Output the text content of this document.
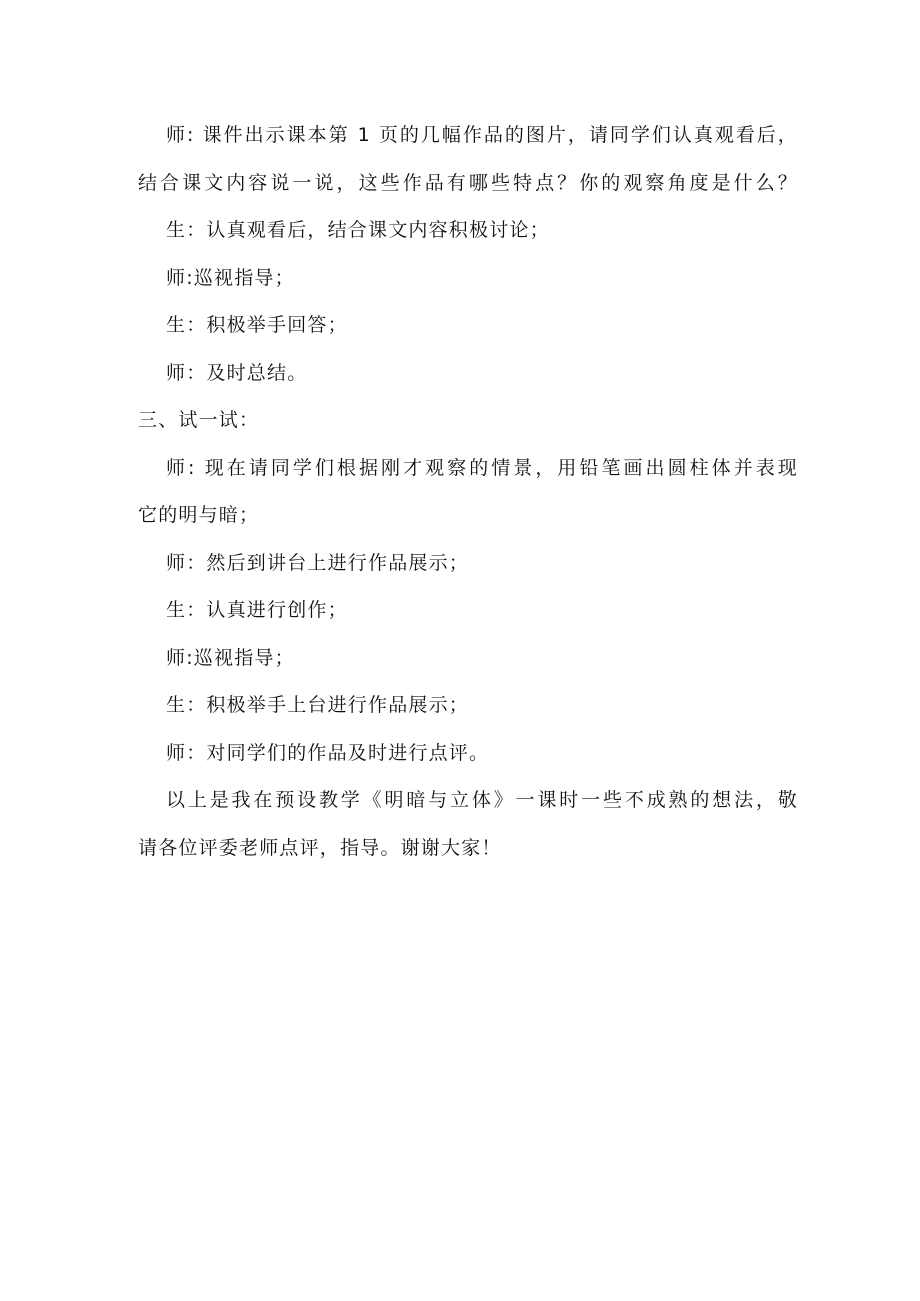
师: 课件出示课本第 1 页的几幅作品的图片，请同学们认真观看后，
结合课文内容说一说，这些作品有哪些特点？你的观察角度是什么？
生：认真观看后，结合课文内容积极讨论；
师:巡视指导；
生：积极举手回答；
师：及时总结。
三、试一试：
师: 现在请同学们根据刚才观察的情景，用铅笔画出圆柱体并表现
它的明与暗；
师：然后到讲台上进行作品展示；
生：认真进行创作；
师:巡视指导；
生：积极举手上台进行作品展示；
师：对同学们的作品及时进行点评。
以上是我在预设教学《明暗与立体》一课时一些不成熟的想法，敬
请各位评委老师点评，指导。谢谢大家！
